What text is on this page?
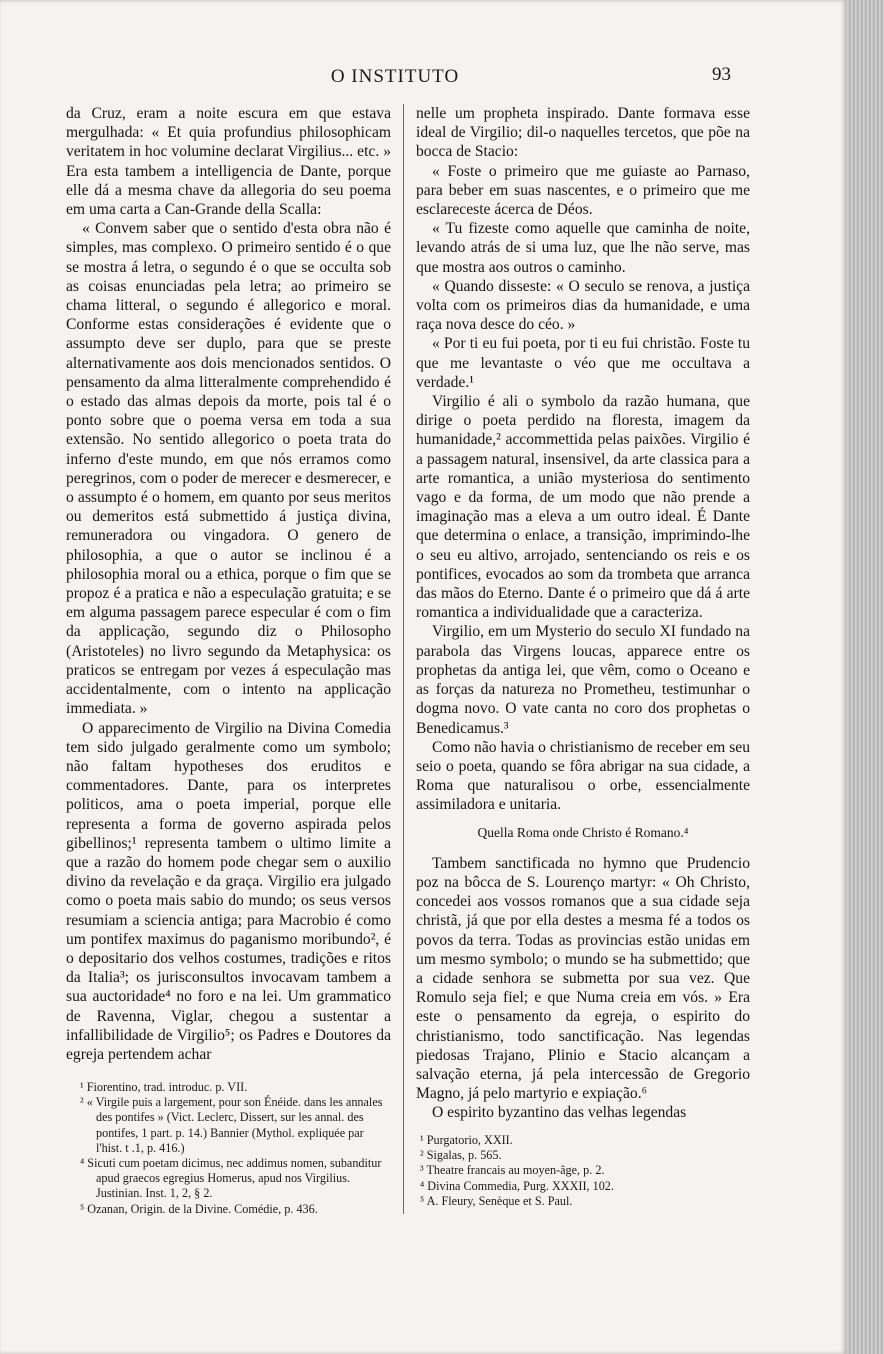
O INSTITUTO	93

da Cruz, eram a noite escura em que estava mergulhada: « Et quia profundius philosophicam veritatem in hoc volumine declarat Virgilius... etc. » Era esta tambem a intelligencia de Dante, porque elle dá a mesma chave da allegoria do seu poema em uma carta a Can-Grande della Scalla:

« Convem saber que o sentido d'esta obra não é simples, mas complexo. O primeiro sentido é o que se mostra á letra, o segundo é o que se occulta sob as coisas enunciadas pela letra; ao primeiro se chama litteral, o segundo é allegorico e moral. Conforme estas considerações é evidente que o assumpto deve ser duplo, para que se preste alternativamente aos dois mencionados sentidos. O pensamento da alma litteralmente comprehendido é o estado das almas depois da morte, pois tal é o ponto sobre que o poema versa em toda a sua extensão. No sentido allegorico o poeta trata do inferno d'este mundo, em que nós erramos como peregrinos, com o poder de merecer e desmerecer, e o assumpto é o homem, em quanto por seus meritos ou demeritos está submettido á justiça divina, remuneradora ou vingadora. O genero de philosophia, a que o autor se inclinou é a philosophia moral ou a ethica, porque o fim que se propoz é a pratica e não a especulação gratuita; e se em alguma passagem parece especular é com o fim da applicação, segundo diz o Philosopho (Aristoteles) no livro segundo da Metaphysica: os praticos se entregam por vezes á especulação mas accidentalmente, com o intento na applicação immediata. »

O apparecimento de Virgilio na Divina Comedia tem sido julgado geralmente como um symbolo; não faltam hypotheses dos eruditos e commentadores. Dante, para os interpretes politicos, ama o poeta imperial, porque elle representa a forma de governo aspirada pelos gibellinos;¹ representa tambem o ultimo limite a que a razão do homem pode chegar sem o auxilio divino da revelação e da graça. Virgilio era julgado como o poeta mais sabio do mundo; os seus versos resumiam a sciencia antiga; para Macrobio é como um pontifex maximus do paganismo moribundo², é o depositario dos velhos costumes, tradições e ritos da Italia³; os jurisconsultos invocavam tambem a sua auctoridade⁴ no foro e na lei. Um grammatico de Ravenna, Viglar, chegou a sustentar a infallibilidade de Virgilio⁵; os Padres e Doutores da egreja pertendem achar

nelle um propheta inspirado. Dante formava esse ideal de Virgilio; dil-o naquelles tercetos, que põe na bocca de Stacio:

« Foste o primeiro que me guiaste ao Parnaso, para beber em suas nascentes, e o primeiro que me esclareceste ácerca de Déos.

« Tu fizeste como aquelle que caminha de noite, levando atrás de si uma luz, que lhe não serve, mas que mostra aos outros o caminho.

« Quando disseste: « O seculo se renova, a justiça volta com os primeiros dias da humanidade, e uma raça nova desce do céo. »

« Por ti eu fui poeta, por ti eu fui christão. Foste tu que me levantaste o véo que me occultava a verdade.¹

Virgilio é ali o symbolo da razão humana, que dirige o poeta perdido na floresta, imagem da humanidade,² accommettida pelas paixões. Virgilio é a passagem natural, insensivel, da arte classica para a arte romantica, a união mysteriosa do sentimento vago e da forma, de um modo que não prende a imaginação mas a eleva a um outro ideal. É Dante que determina o enlace, a transição, imprimindo-lhe o seu eu altivo, arrojado, sentenciando os reis e os pontifices, evocados ao som da trombeta que arranca das mãos do Eterno. Dante é o primeiro que dá á arte romantica a individualidade que a caracteriza.

Virgilio, em um Mysterio do seculo XI fundado na parabola das Virgens loucas, apparece entre os prophetas da antiga lei, que vêm, como o Oceano e as forças da natureza no Prometheu, testimunhar o dogma novo. O vate canta no coro dos prophetas o Benedicamus.³

Como não havia o christianismo de receber em seu seio o poeta, quando se fôra abrigar na sua cidade, a Roma que naturalisou o orbe, essencialmente assimiladora e unitaria.

Quella Roma onde Christo é Romano.⁴

Tambem sanctificada no hymno que Prudencio poz na bôcca de S. Lourenço martyr: « Oh Christo, concedei aos vossos romanos que a sua cidade seja christã, já que por ella destes a mesma fé a todos os povos da terra. Todas as provincias estão unidas em um mesmo symbolo; o mundo se ha submettido; que a cidade senhora se submetta por sua vez. Que Romulo seja fiel; e que Numa creia em vós. » Era este o pensamento da egreja, o espirito do christianismo, todo sanctificação. Nas legendas piedosas Trajano, Plinio e Stacio alcançam a salvação eterna, já pela intercessão de Gregorio Magno, já pelo martyrio e expiação.⁶

O espirito byzantino das velhas legendas

¹ Fiorentino, trad. introduc. p. VII.

² « Virgile puis a largement, pour son Énéide. dans les annales des pontifes » (Vict. Leclerc, Dissert, sur les annal. des pontifes, 1 part. p. 14.) Bannier (Mythol. expliquée par l'hist. t .1, p. 416.)

⁴ Sicuti cum poetam dicimus, nec addimus nomen, subanditur apud graecos egregius Homerus, apud nos Virgilius. Justinian. Inst. 1, 2, § 2.

⁵ Ozanan, Origin. de la Divine. Comédie, p. 436.

¹ Purgatorio, XXII.

² Sigalas, p. 565.

³ Theatre francais au moyen-âge, p. 2.

⁴ Divina Commedia, Purg. XXXII, 102.

⁵ A. Fleury, Senèque et S. Paul.
